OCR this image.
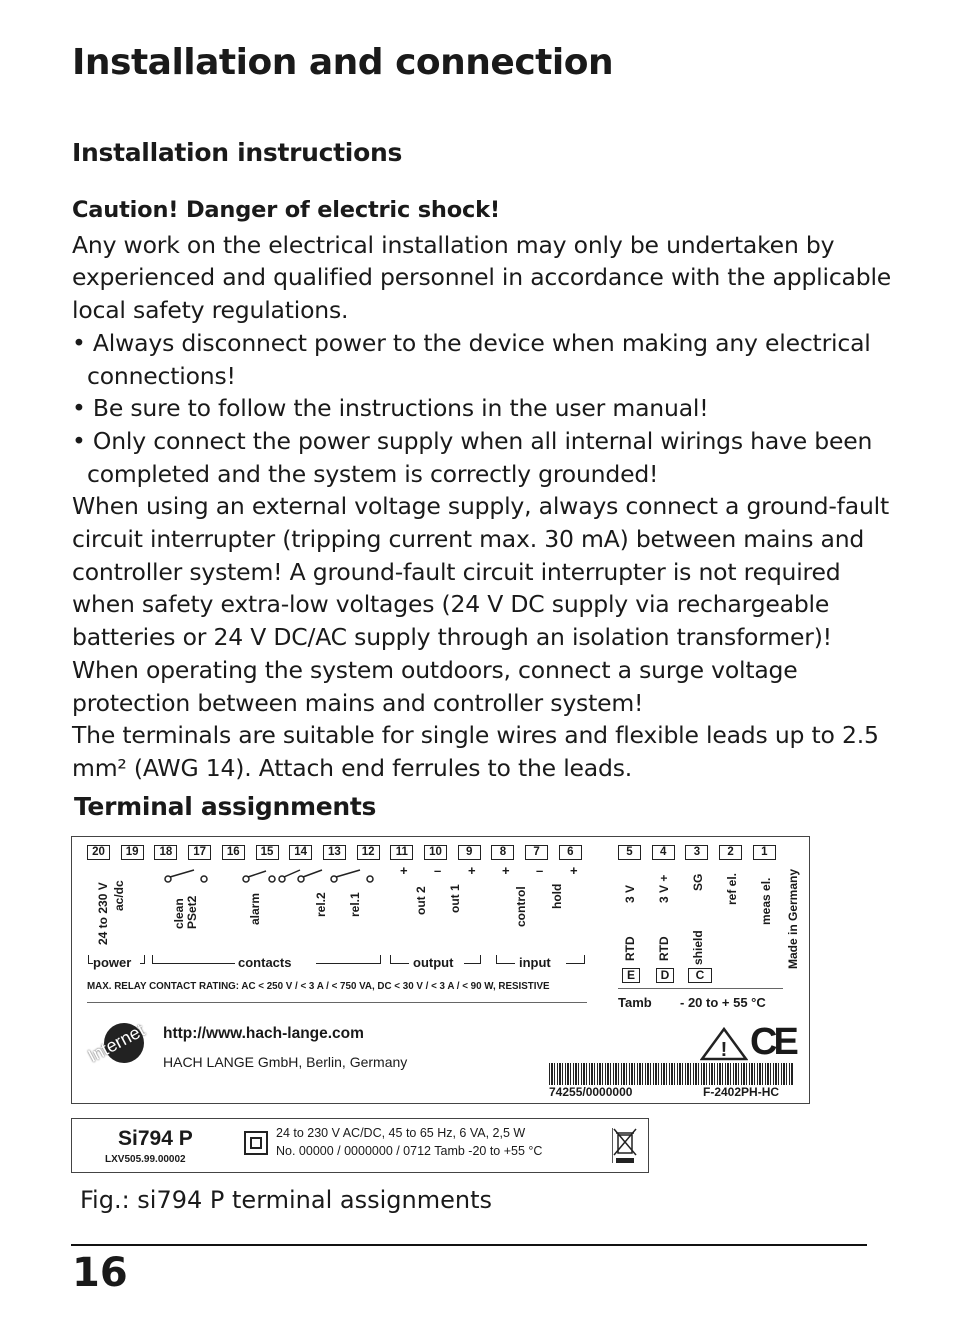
Installation and connection
Installation instructions

Caution! Danger of electric shock!

Any work on the electrical installation may only be undertaken by experienced and qualified personnel in accordance with the applicable local safety regulations.

• Always disconnect power to the device when making any electrical connections!

• Be sure to follow the instructions in the user manual!

• Only connect the power supply when all internal wirings have been completed and the system is correctly grounded!

When using an external voltage supply, always connect a ground-fault circuit interrupter (tripping current max. 30 mA) between mains and controller system! A ground-fault circuit interrupter is not required when safety extra-low voltages (24 V DC supply via rechargeable batteries or 24 V DC/AC supply through an isolation transformer)!

When operating the system outdoors, connect a surge voltage protection between mains and controller system!

The terminals are suitable for single wires and flexible leads up to 2.5 mm² (AWG 14). Attach end ferrules to the leads.

Terminal assignments
20	19	18	17	16	15	14	13	12	11	10	9	8	7	6	5	4	3	2	1
24 to 230 V ac/dc
clean PSet2	alarm	rel.2 rel.1	out 2 out 1	control hold	3 V 3 V + SG ref el. meas el. Made in Germany
RTD RTD shield
+ – + + – +
power	contacts	output	input
E	D	C
MAX. RELAY CONTACT RATING: AC < 250 V / < 3 A / < 750 VA, DC < 30 V / < 3 A / < 90 W, RESISTIVE
Tamb - 20 to + 55 °C
Internet http://www.hach-lange.com
HACH LANGE GmbH, Berlin, Germany
! CE
74255/0000000	F-2402PH-HC
Si794 P
LXV505.99.00002
24 to 230 V AC/DC, 45 to 65 Hz, 6 VA, 2,5 W
No. 00000 / 0000000 / 0712 Tamb -20 to +55 °C
Fig.: si794 P terminal assignments
16
